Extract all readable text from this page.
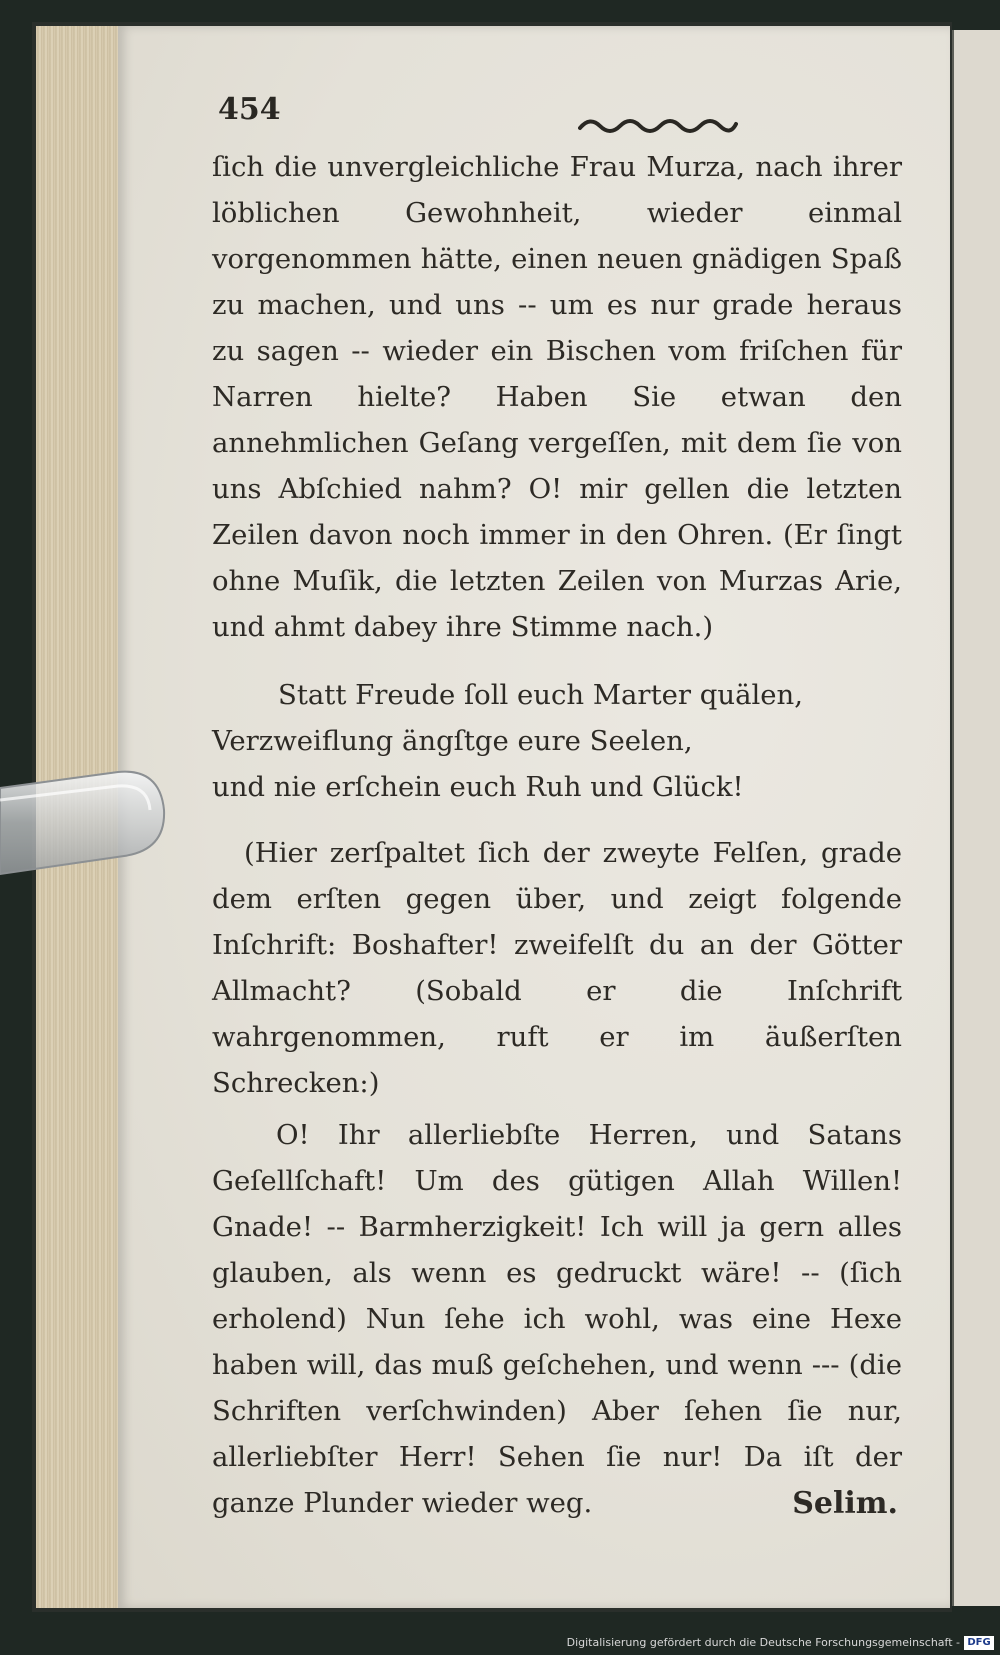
454

ſich die unvergleichliche Frau Murza, nach ihrer löblichen Gewohnheit, wieder einmal vorgenommen hätte, einen neuen gnädigen Spaß zu machen, und uns -- um es nur grade heraus zu sagen -- wieder ein Bischen vom friſchen für Narren hielte? Haben Sie etwan den annehmlichen Geſang vergeſſen, mit dem ſie von uns Abſchied nahm? O! mir gellen die letzten Zeilen davon noch immer in den Ohren. (Er ſingt ohne Muſik, die letzten Zeilen von Murzas Arie, und ahmt dabey ihre Stimme nach.)

Statt Freude ſoll euch Marter quälen,
Verzweiflung ängſtge eure Seelen,
und nie erſchein euch Ruh und Glück!

(Hier zerſpaltet ſich der zweyte Felſen, grade dem erſten gegen über, und zeigt folgende Inſchrift: Boshafter! zweifelſt du an der Götter Allmacht? (Sobald er die Inſchrift wahrgenommen, ruft er im äußerſten Schrecken:)

O! Ihr allerliebſte Herren, und Satans Geſellſchaft! Um des gütigen Allah Willen! Gnade! -- Barmherzigkeit! Ich will ja gern alles glauben, als wenn es gedruckt wäre! -- (ſich erholend) Nun ſehe ich wohl, was eine Hexe haben will, das muß geſchehen, und wenn --- (die Schriften verſchwinden) Aber ſehen ſie nur, allerliebſter Herr! Sehen ſie nur! Da iſt der ganze Plunder wieder weg.	Selim.
Digitalisierung gefördert durch die Deutsche Forschungsgemeinschaft - DFG
